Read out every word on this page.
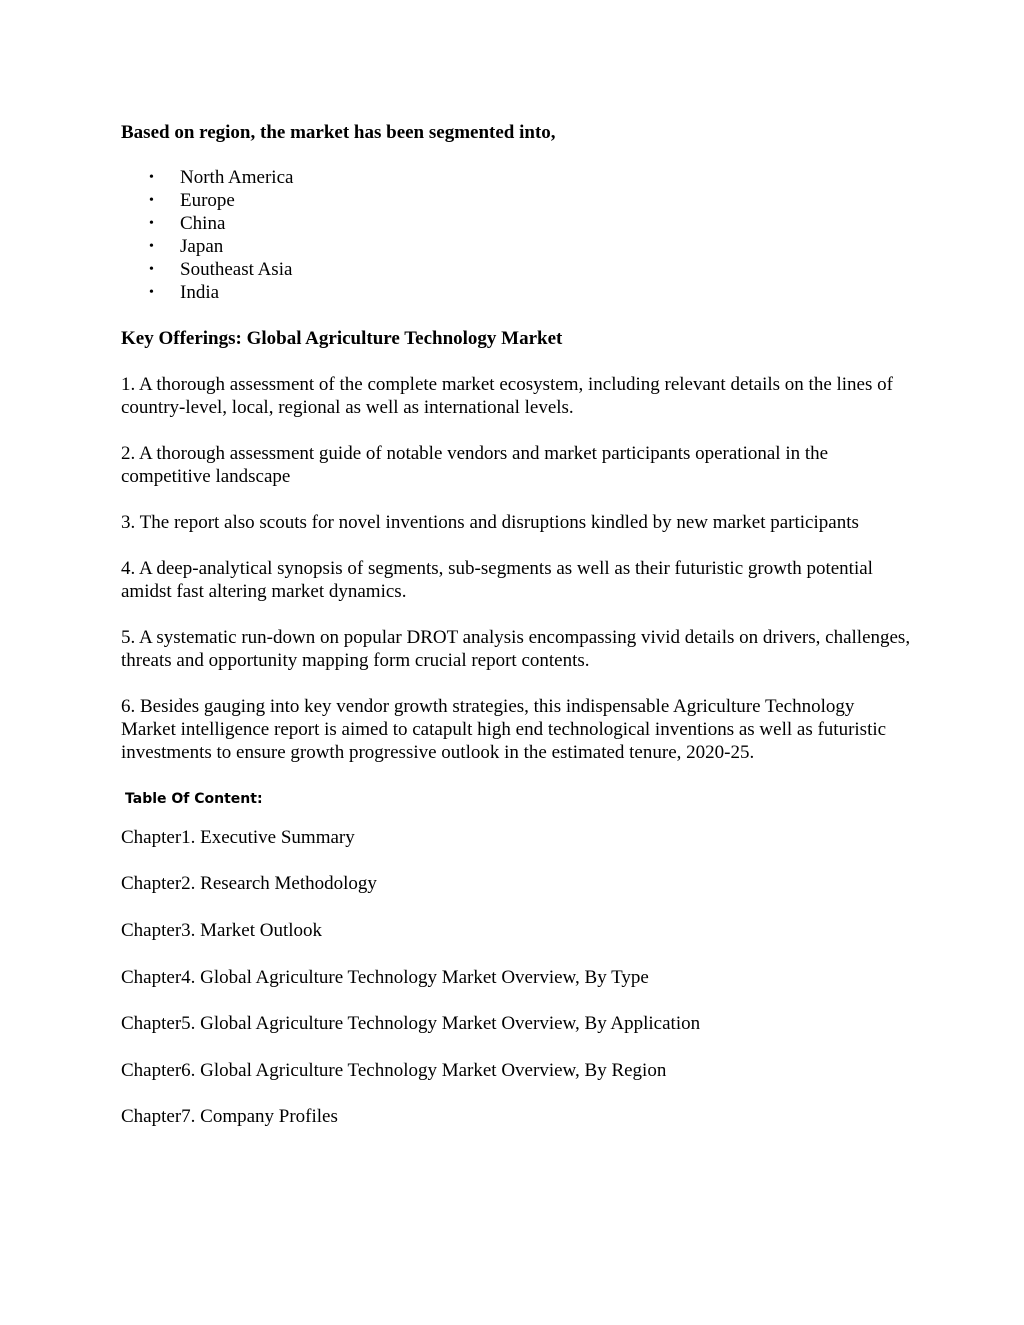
Based on region, the market has been segmented into,

• North America
• Europe
• China
• Japan
• Southeast Asia
• India

Key Offerings: Global Agriculture Technology Market

1. A thorough assessment of the complete market ecosystem, including relevant details on the lines of country-level, local, regional as well as international levels.

2. A thorough assessment guide of notable vendors and market participants operational in the competitive landscape

3. The report also scouts for novel inventions and disruptions kindled by new market participants

4. A deep-analytical synopsis of segments, sub-segments as well as their futuristic growth potential amidst fast altering market dynamics.

5. A systematic run-down on popular DROT analysis encompassing vivid details on drivers, challenges, threats and opportunity mapping form crucial report contents.

6. Besides gauging into key vendor growth strategies, this indispensable Agriculture Technology Market intelligence report is aimed to catapult high end technological inventions as well as futuristic investments to ensure growth progressive outlook in the estimated tenure, 2020-25.

Table Of Content:

Chapter1. Executive Summary

Chapter2. Research Methodology

Chapter3. Market Outlook

Chapter4. Global Agriculture Technology Market Overview, By Type

Chapter5. Global Agriculture Technology Market Overview, By Application

Chapter6. Global Agriculture Technology Market Overview, By Region

Chapter7. Company Profiles
